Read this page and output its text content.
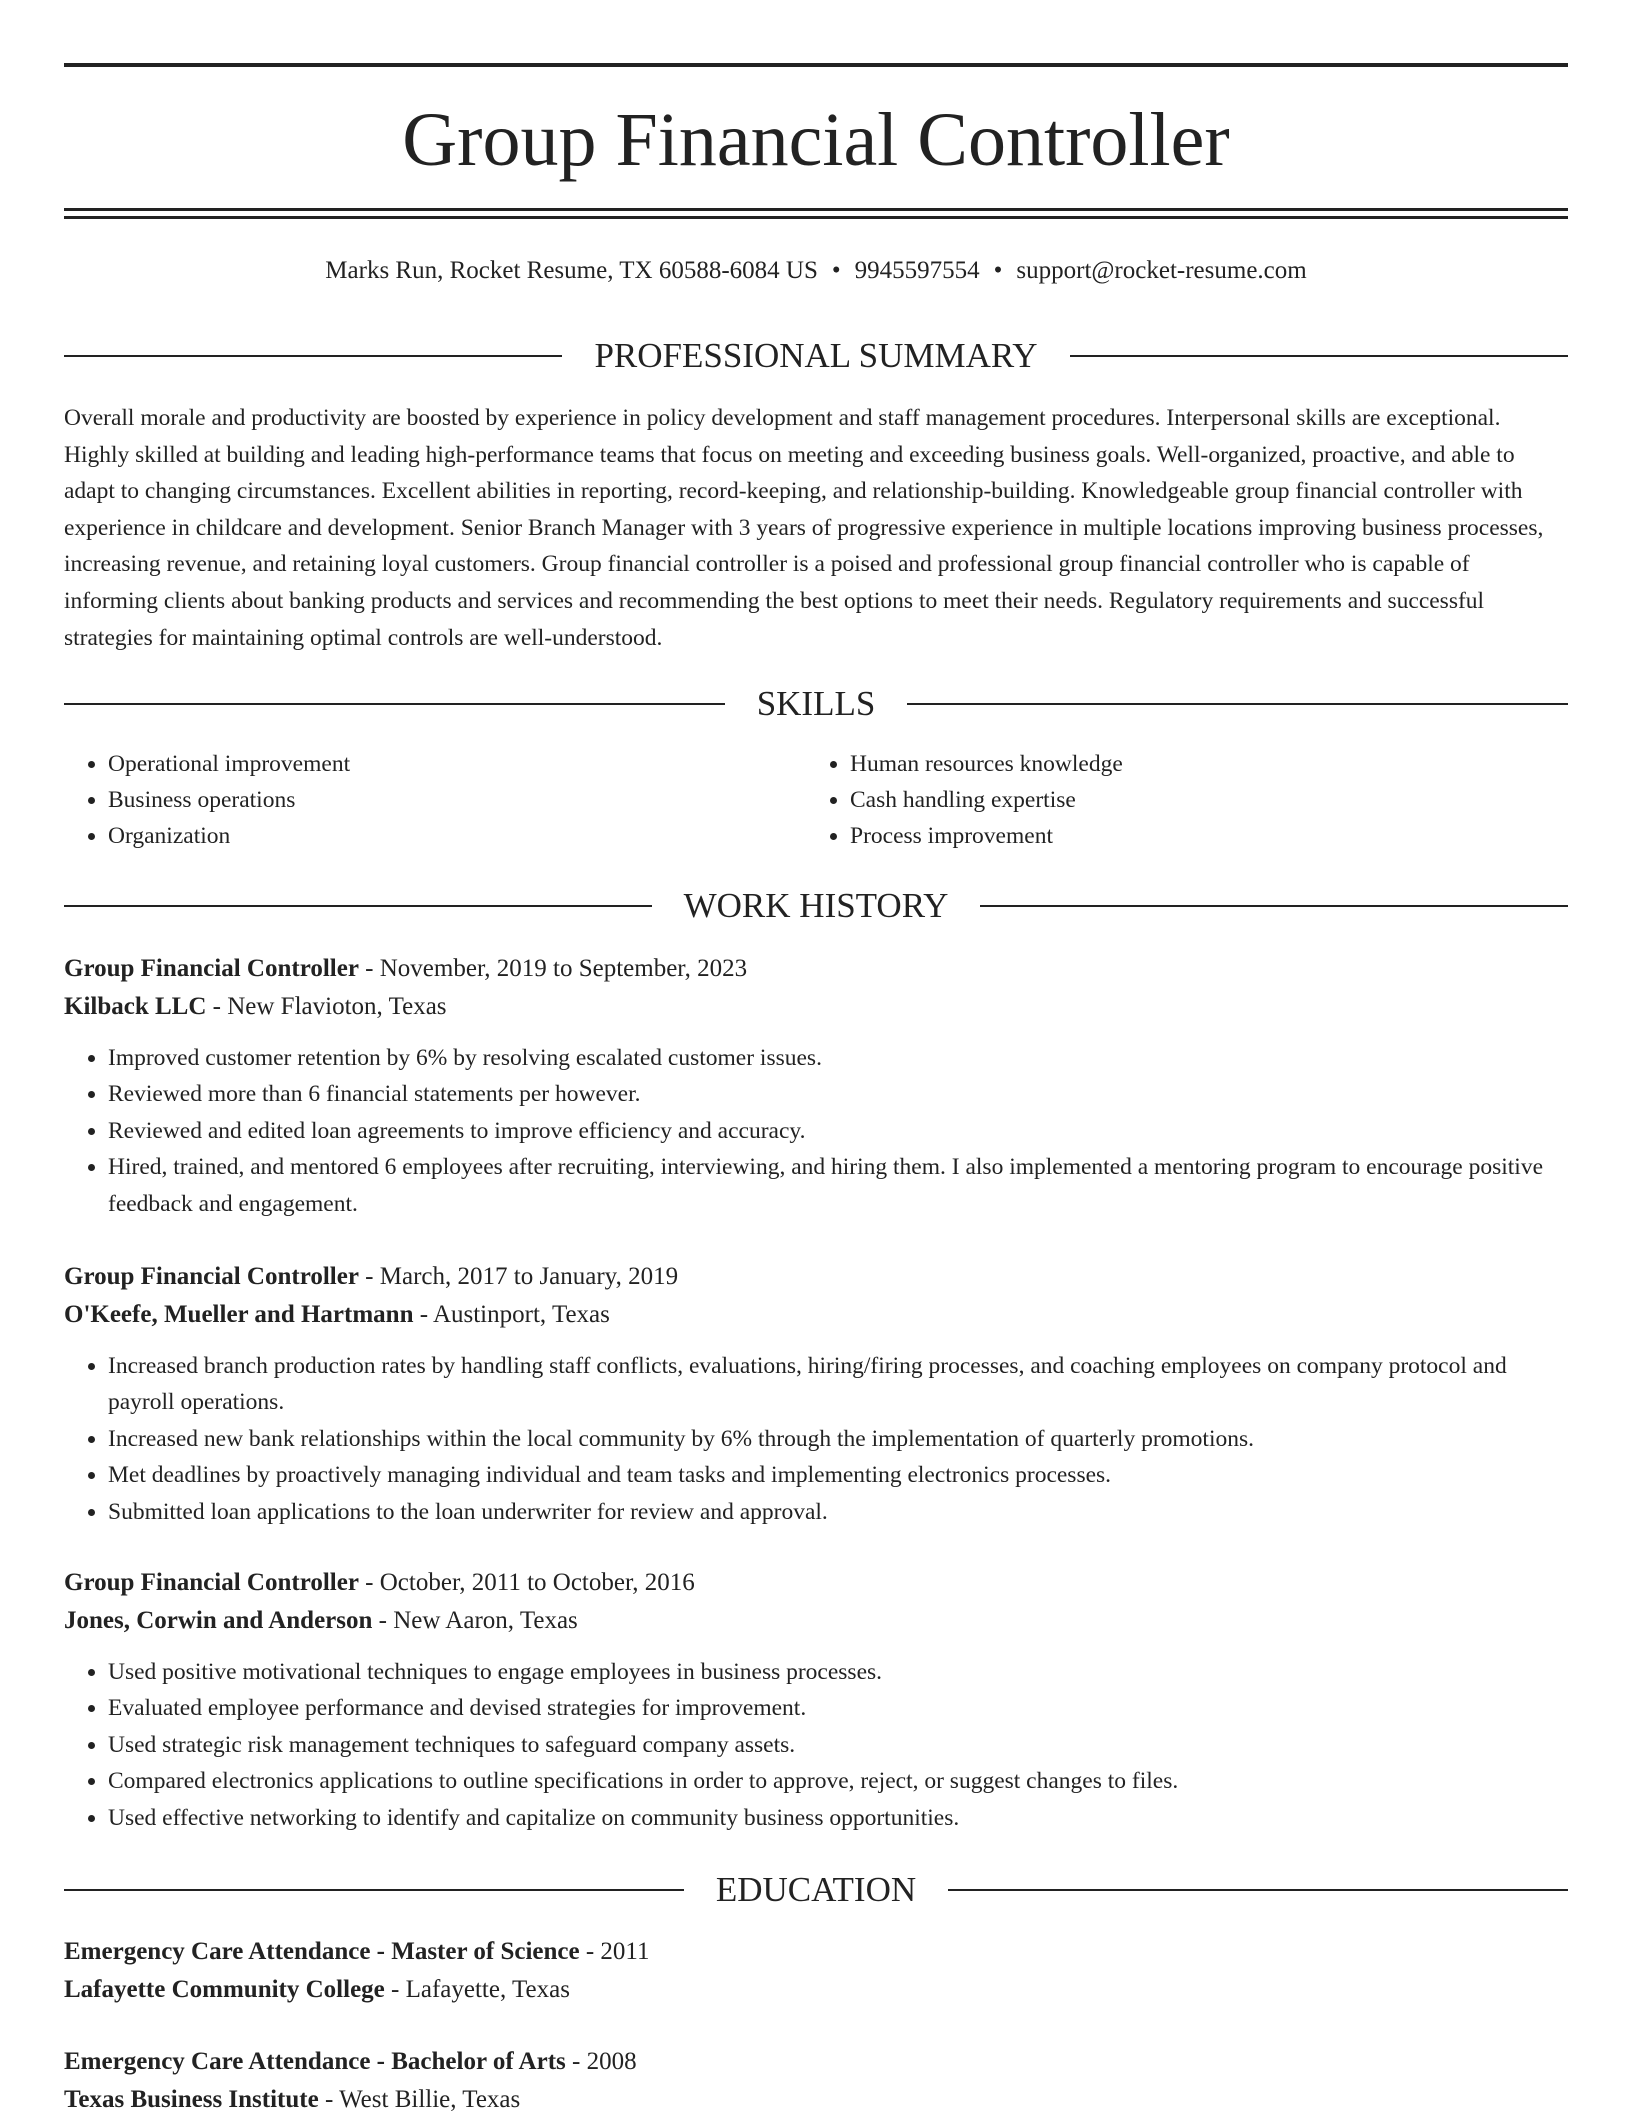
Group Financial Controller
Marks Run, Rocket Resume, TX 60588-6084 US • 9945597554 • support@rocket-resume.com
PROFESSIONAL SUMMARY

Overall morale and productivity are boosted by experience in policy development and staff management procedures. Interpersonal skills are exceptional. Highly skilled at building and leading high-performance teams that focus on meeting and exceeding business goals. Well-organized, proactive, and able to adapt to changing circumstances. Excellent abilities in reporting, record-keeping, and relationship-building. Knowledgeable group financial controller with experience in childcare and development. Senior Branch Manager with 3 years of progressive experience in multiple locations improving business processes, increasing revenue, and retaining loyal customers. Group financial controller is a poised and professional group financial controller who is capable of informing clients about banking products and services and recommending the best options to meet their needs. Regulatory requirements and successful strategies for maintaining optimal controls are well-understood.

SKILLS
• Operational improvement
• Business operations
• Organization
• Human resources knowledge
• Cash handling expertise
• Process improvement
WORK HISTORY
Group Financial Controller - November, 2019 to September, 2023
Kilback LLC - New Flavioton, Texas
• Improved customer retention by 6% by resolving escalated customer issues.
• Reviewed more than 6 financial statements per however.
• Reviewed and edited loan agreements to improve efficiency and accuracy.
• Hired, trained, and mentored 6 employees after recruiting, interviewing, and hiring them. I also implemented a mentoring program to encourage positive feedback and engagement.
Group Financial Controller - March, 2017 to January, 2019
O'Keefe, Mueller and Hartmann - Austinport, Texas
• Increased branch production rates by handling staff conflicts, evaluations, hiring/firing processes, and coaching employees on company protocol and payroll operations.
• Increased new bank relationships within the local community by 6% through the implementation of quarterly promotions.
• Met deadlines by proactively managing individual and team tasks and implementing electronics processes.
• Submitted loan applications to the loan underwriter for review and approval.
Group Financial Controller - October, 2011 to October, 2016
Jones, Corwin and Anderson - New Aaron, Texas
• Used positive motivational techniques to engage employees in business processes.
• Evaluated employee performance and devised strategies for improvement.
• Used strategic risk management techniques to safeguard company assets.
• Compared electronics applications to outline specifications in order to approve, reject, or suggest changes to files.
• Used effective networking to identify and capitalize on community business opportunities.
EDUCATION
Emergency Care Attendance - Master of Science - 2011
Lafayette Community College - Lafayette, Texas
Emergency Care Attendance - Bachelor of Arts - 2008
Texas Business Institute - West Billie, Texas
